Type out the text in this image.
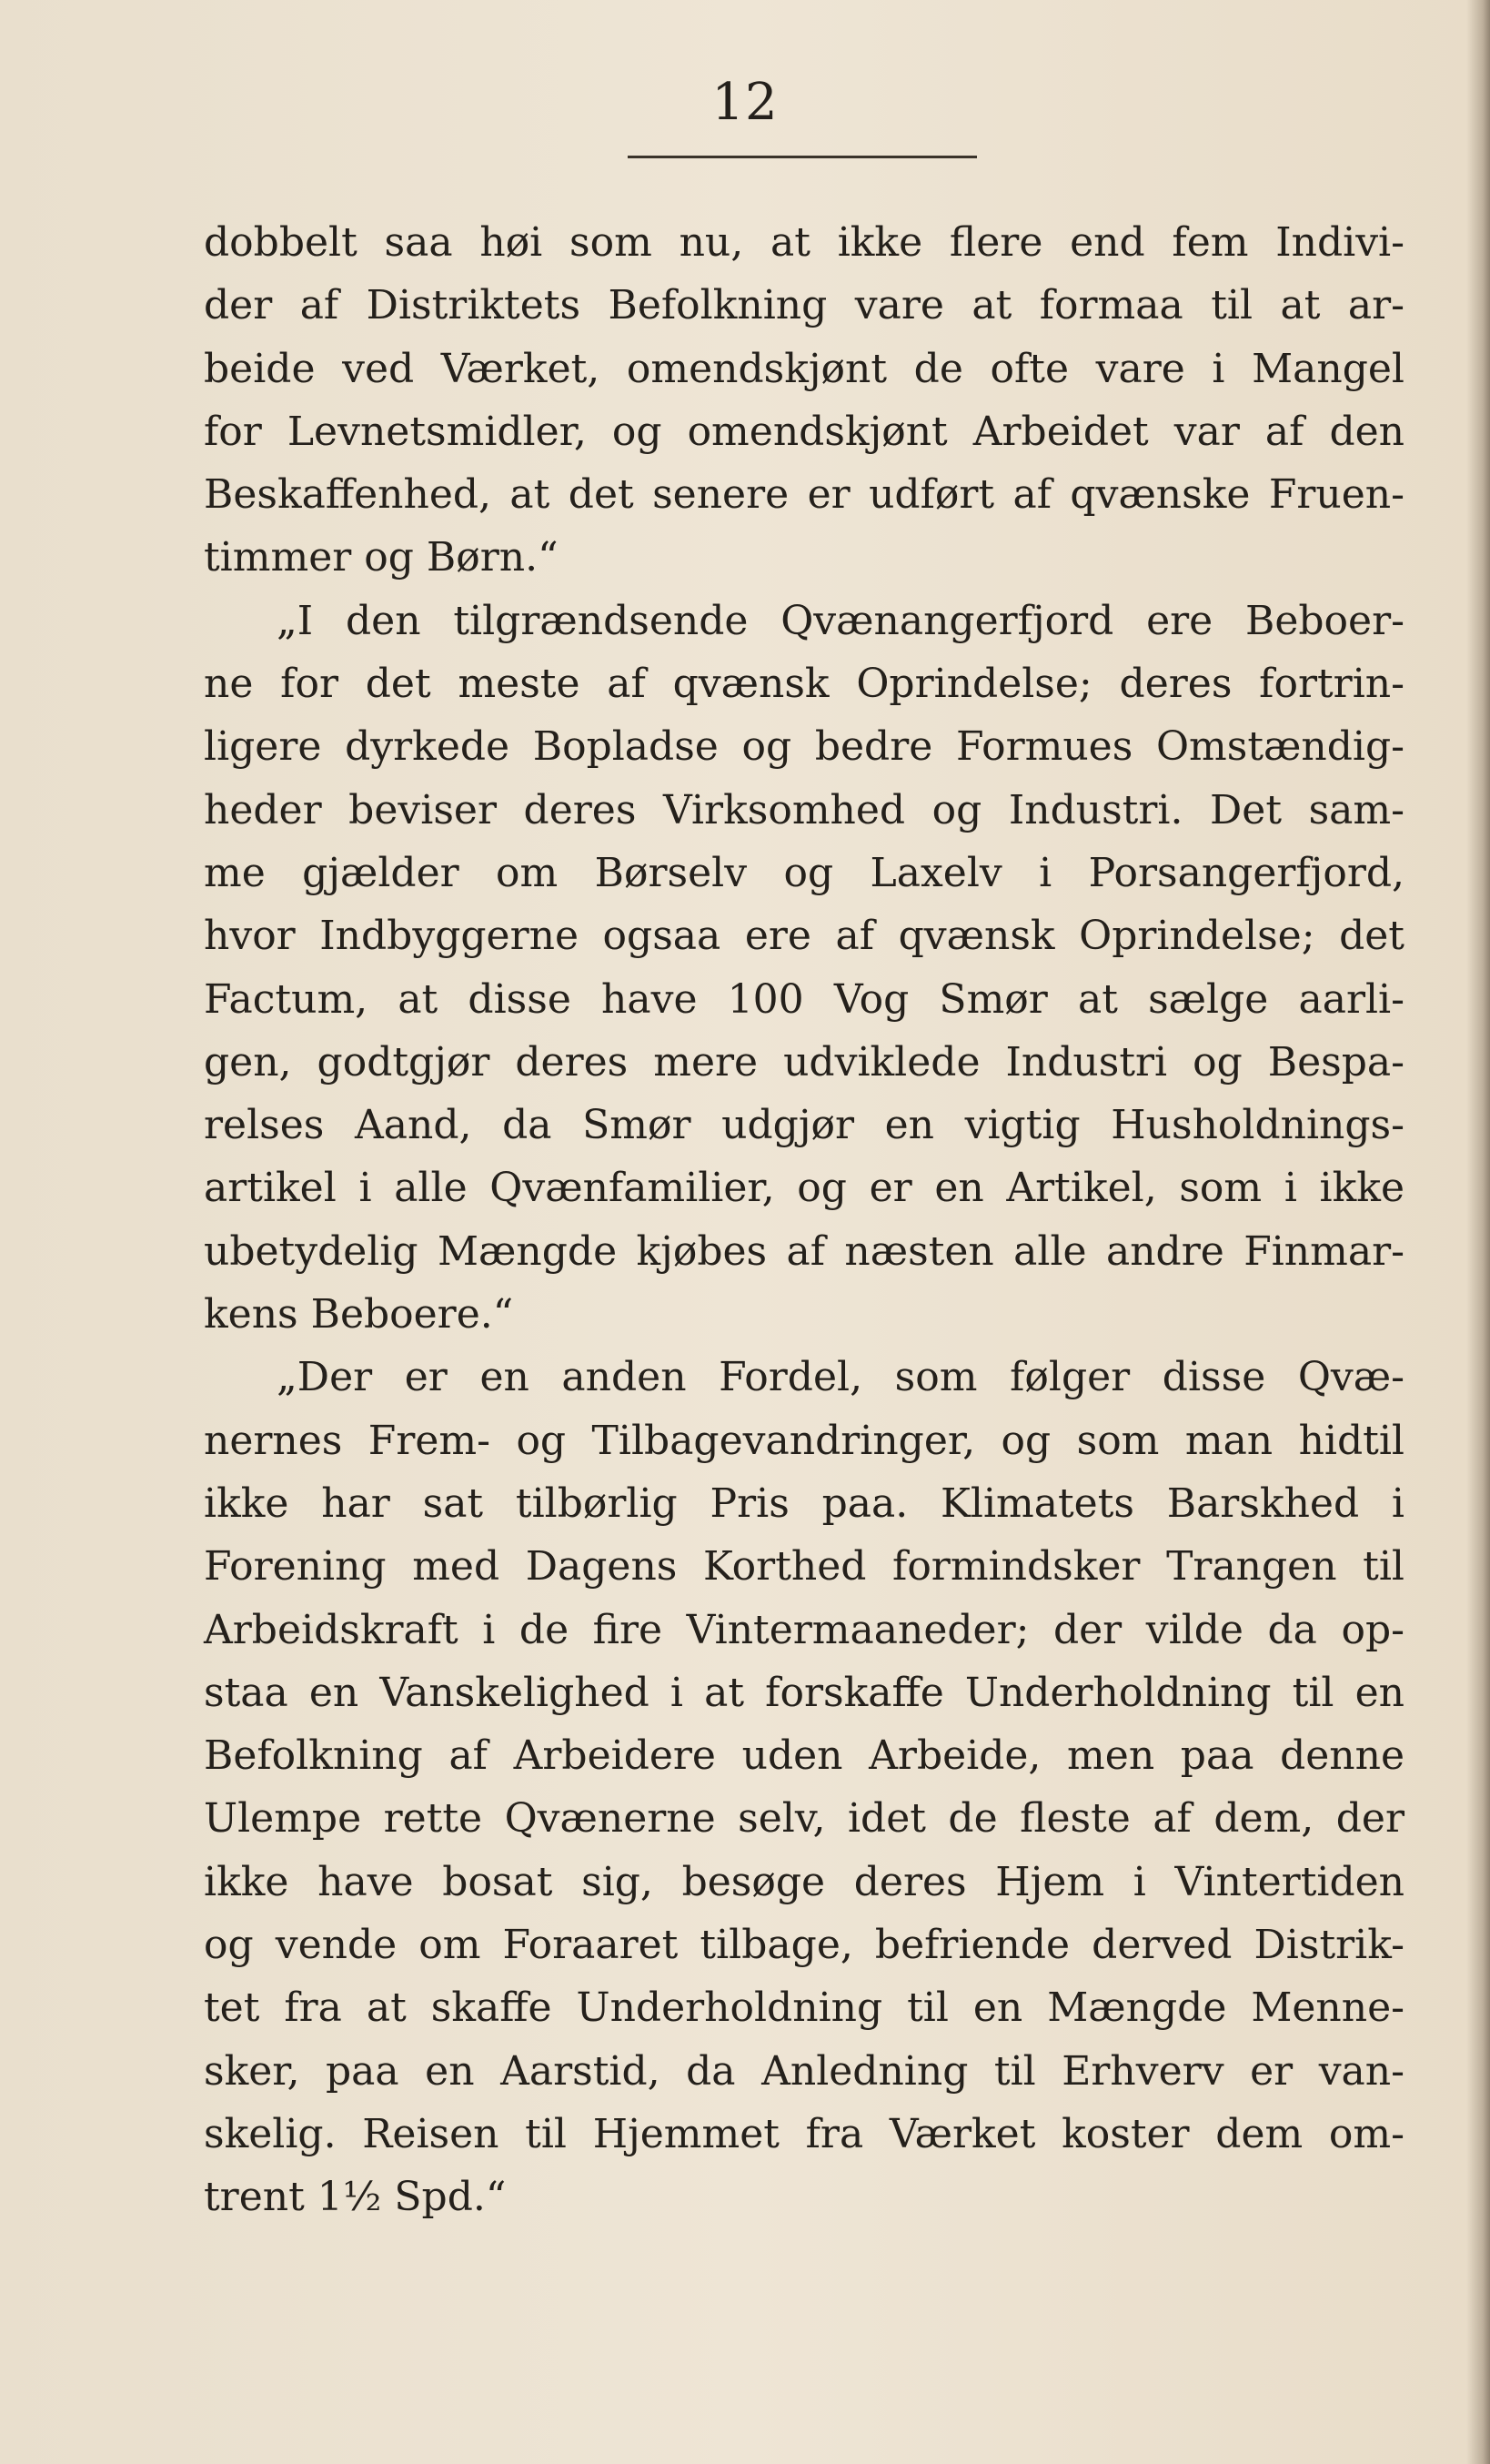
12
dobbelt saa høi som nu, at ikke flere end fem Indivi-
der af Distriktets Befolkning vare at formaa til at ar-
beide ved Værket, omendskjønt de ofte vare i Mangel
for Levnetsmidler, og omendskjønt Arbeidet var af den
Beskaffenhed, at det senere er udført af qvænske Fruen-
timmer og Børn.“
„I den tilgrændsende Qvænangerfjord ere Beboer-
ne for det meste af qvænsk Oprindelse; deres fortrin-
ligere dyrkede Bopladse og bedre Formues Omstændig-
heder beviser deres Virksomhed og Industri. Det sam-
me gjælder om Børselv og Laxelv i Porsangerfjord,
hvor Indbyggerne ogsaa ere af qvænsk Oprindelse; det
Factum, at disse have 100 Vog Smør at sælge aarli-
gen, godtgjør deres mere udviklede Industri og Bespa-
relses Aand, da Smør udgjør en vigtig Husholdnings-
artikel i alle Qvænfamilier, og er en Artikel, som i ikke
ubetydelig Mængde kjøbes af næsten alle andre Finmar-
kens Beboere.“
„Der er en anden Fordel, som følger disse Qvæ-
nernes Frem- og Tilbagevandringer, og som man hidtil
ikke har sat tilbørlig Pris paa. Klimatets Barskhed i
Forening med Dagens Korthed formindsker Trangen til
Arbeidskraft i de fire Vintermaaneder; der vilde da op-
staa en Vanskelighed i at forskaffe Underholdning til en
Befolkning af Arbeidere uden Arbeide, men paa denne
Ulempe rette Qvænerne selv, idet de fleste af dem, der
ikke have bosat sig, besøge deres Hjem i Vintertiden
og vende om Foraaret tilbage, befriende derved Distrik-
tet fra at skaffe Underholdning til en Mængde Menne-
sker, paa en Aarstid, da Anledning til Erhverv er van-
skelig. Reisen til Hjemmet fra Værket koster dem om-
trent 1½ Spd.“
